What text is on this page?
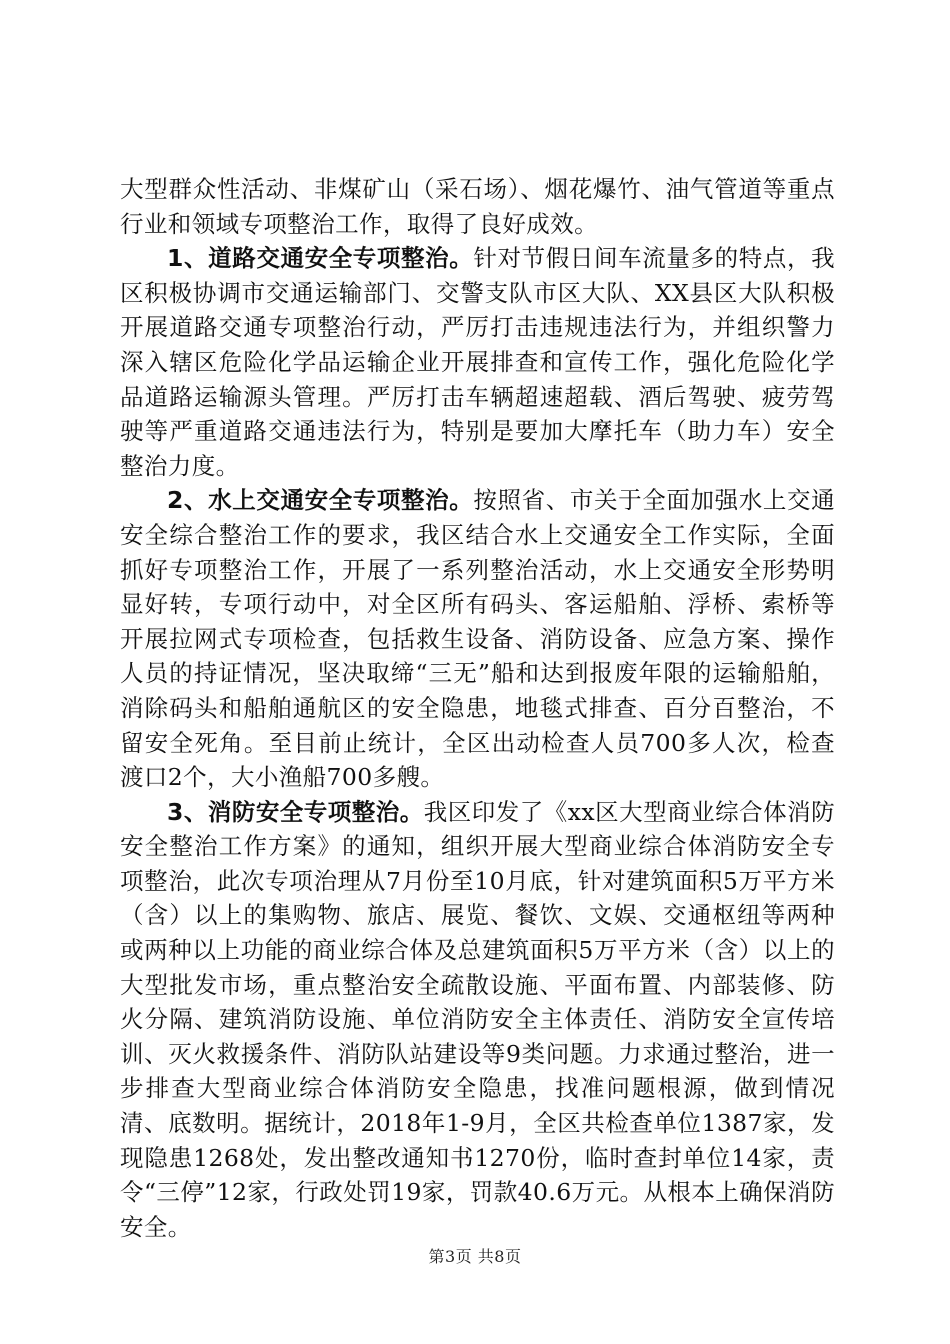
大型群众性活动、非煤矿山（采石场）、烟花爆竹、油气管道等重点行业和领域专项整治工作，取得了良好成效。

1、道路交通安全专项整治。针对节假日间车流量多的特点，我区积极协调市交通运输部门、交警支队市区大队、XX县区大队积极开展道路交通专项整治行动，严厉打击违规违法行为，并组织警力深入辖区危险化学品运输企业开展排查和宣传工作，强化危险化学品道路运输源头管理。严厉打击车辆超速超载、酒后驾驶、疲劳驾驶等严重道路交通违法行为，特别是要加大摩托车（助力车）安全整治力度。

2、水上交通安全专项整治。按照省、市关于全面加强水上交通安全综合整治工作的要求，我区结合水上交通安全工作实际，全面抓好专项整治工作，开展了一系列整治活动，水上交通安全形势明显好转，专项行动中，对全区所有码头、客运船舶、浮桥、索桥等开展拉网式专项检查，包括救生设备、消防设备、应急方案、操作人员的持证情况，坚决取缔“三无”船和达到报废年限的运输船舶，消除码头和船舶通航区的安全隐患，地毯式排查、百分百整治，不留安全死角。至目前止统计，全区出动检查人员700多人次，检查渡口2个，大小渔船700多艘。

3、消防安全专项整治。我区印发了《xx区大型商业综合体消防安全整治工作方案》的通知，组织开展大型商业综合体消防安全专项整治，此次专项治理从7月份至10月底，针对建筑面积5万平方米（含）以上的集购物、旅店、展览、餐饮、文娱、交通枢纽等两种或两种以上功能的商业综合体及总建筑面积5万平方米（含）以上的大型批发市场，重点整治安全疏散设施、平面布置、内部装修、防火分隔、建筑消防设施、单位消防安全主体责任、消防安全宣传培训、灭火救援条件、消防队站建设等9类问题。力求通过整治，进一步排查大型商业综合体消防安全隐患，找准问题根源，做到情况清、底数明。据统计，2018年1-9月，全区共检查单位1387家，发现隐患1268处，发出整改通知书1270份，临时查封单位14家，责令“三停”12家，行政处罚19家，罚款40.6万元。从根本上确保消防安全。

第3页 共8页
